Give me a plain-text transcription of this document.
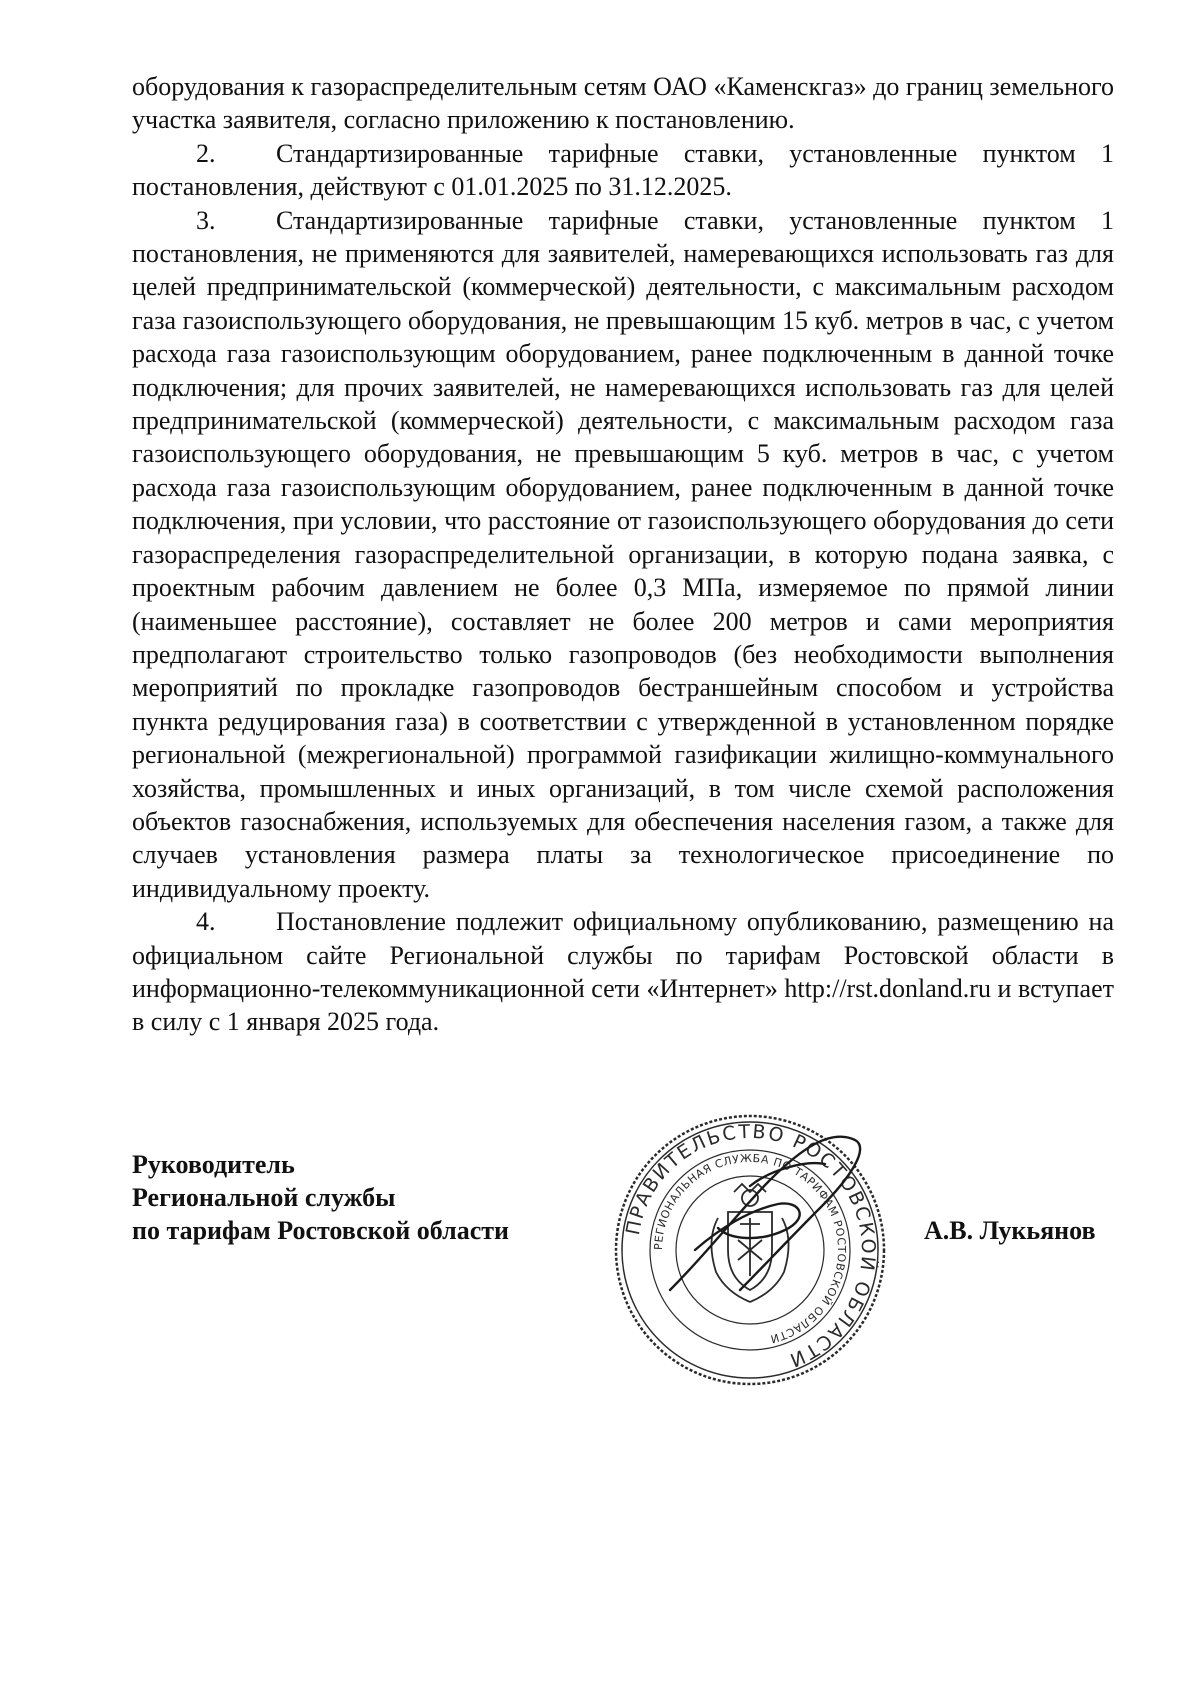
оборудования к газораспределительным сетям ОАО «Каменскгаз» до границ земельного участка заявителя, согласно приложению к постановлению.

2. Стандартизированные тарифные ставки, установленные пунктом 1 постановления, действуют с 01.01.2025 по 31.12.2025.

3. Стандартизированные тарифные ставки, установленные пунктом 1 постановления, не применяются для заявителей, намеревающихся использовать газ для целей предпринимательской (коммерческой) деятельности, с максимальным расходом газа газоиспользующего оборудования, не превышающим 15 куб. метров в час, с учетом расхода газа газоиспользующим оборудованием, ранее подключенным в данной точке подключения; для прочих заявителей, не намеревающихся использовать газ для целей предпринимательской (коммерческой) деятельности, с максимальным расходом газа газоиспользующего оборудования, не превышающим 5 куб. метров в час, с учетом расхода газа газоиспользующим оборудованием, ранее подключенным в данной точке подключения, при условии, что расстояние от газоиспользующего оборудования до сети газораспределения газораспределительной организации, в которую подана заявка, с проектным рабочим давлением не более 0,3 МПа, измеряемое по прямой линии (наименьшее расстояние), составляет не более 200 метров и сами мероприятия предполагают строительство только газопроводов (без необходимости выполнения мероприятий по прокладке газопроводов бестраншейным способом и устройства пункта редуцирования газа) в соответствии с утвержденной в установленном порядке региональной (межрегиональной) программой газификации жилищно-коммунального хозяйства, промышленных и иных организаций, в том числе схемой расположения объектов газоснабжения, используемых для обеспечения населения газом, а также для случаев установления размера платы за технологическое присоединение по индивидуальному проекту.

4. Постановление подлежит официальному опубликованию, размещению на официальном сайте Региональной службы по тарифам Ростовской области в информационно-телекоммуникационной сети «Интернет» http://rst.donland.ru и вступает в силу с 1 января 2025 года.

Руководитель
Региональной службы
по тарифам Ростовской области	ПРАВИТЕЛЬСТВО РОСТОВСКОЙ ОБЛАСТИ
РЕГИОНАЛЬНАЯ СЛУЖБА ПО ТАРИФАМ РОСТОВСКОЙ ОБЛАСТИ
А.В. Лукьянов
